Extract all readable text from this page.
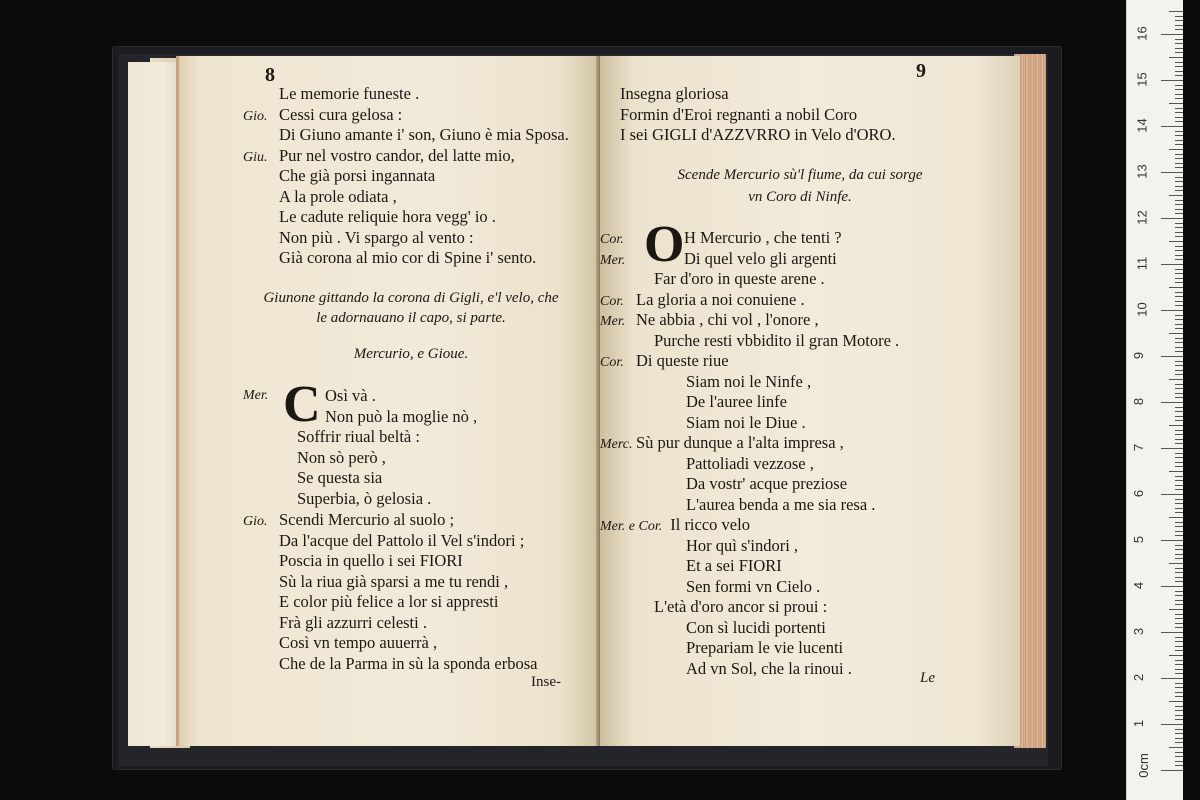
8
Le memorie funeste .
Gio. Cessi cura gelosa :
Di Giuno amante i' son, Giuno è mia Sposa.
Giu. Pur nel vostro candor, del latte mio,
Che già porsi ingannata
A la prole odiata ,
Le cadute reliquie hora vegg' io .
Non più . Vi spargo al vento :
Già corona al mio cor di Spine i' sento.
Giunone gittando la corona di Gigli, e'l velo, che
le adornauano il capo, si parte.
Mercurio, e Gioue.
Mer. C Osì và .
Non può la moglie nò ,
Soffrir riual beltà :
Non sò però ,
Se questa sia
Superbia, ò gelosia .
Gio. Scendi Mercurio al suolo ;
Da l'acque del Pattolo il Vel s'indori ;
Poscia in quello i sei FIORI
Sù la riua già sparsi a me tu rendi ,
E color più felice a lor si appresti
Frà gli azzurri celesti .
Così vn tempo auuerrà ,
Che de la Parma in sù la sponda erbosa
Inse-
9
Insegna gloriosa
Formin d'Eroi regnanti a nobil Coro
I sei GIGLI d'AZZVRRO in Velo d'ORO.
Scende Mercurio sù'l fiume, da cui sorge
vn Coro di Ninfe.
O
Cor.	H Mercurio , che tenti ?
Mer.	Di quel velo gli argenti
Far d'oro in queste arene .
Cor. La gloria a noi conuiene .
Mer. Ne abbia , chi vol , l'onore ,
Purche resti vbbidito il gran Motore .
Cor. Di queste riue
Siam noi le Ninfe ,
De l'auree linfe
Siam noi le Diue .
Merc. Sù pur dunque a l'alta impresa ,
Pattoliadi vezzose ,
Da vostr' acque preziose
L'aurea benda a me sia resa .
Mer. e Cor. Il ricco velo
Hor quì s'indori ,
Et a sei FIORI
Sen formi vn Cielo .
L'età d'oro ancor si proui :
Con sì lucidi portenti
Prepariam le vie lucenti
Ad vn Sol, che la rinoui .
Le
0cm
1
2
3
4
5
6
7
8
9
10
11
12
13
14
15
16
